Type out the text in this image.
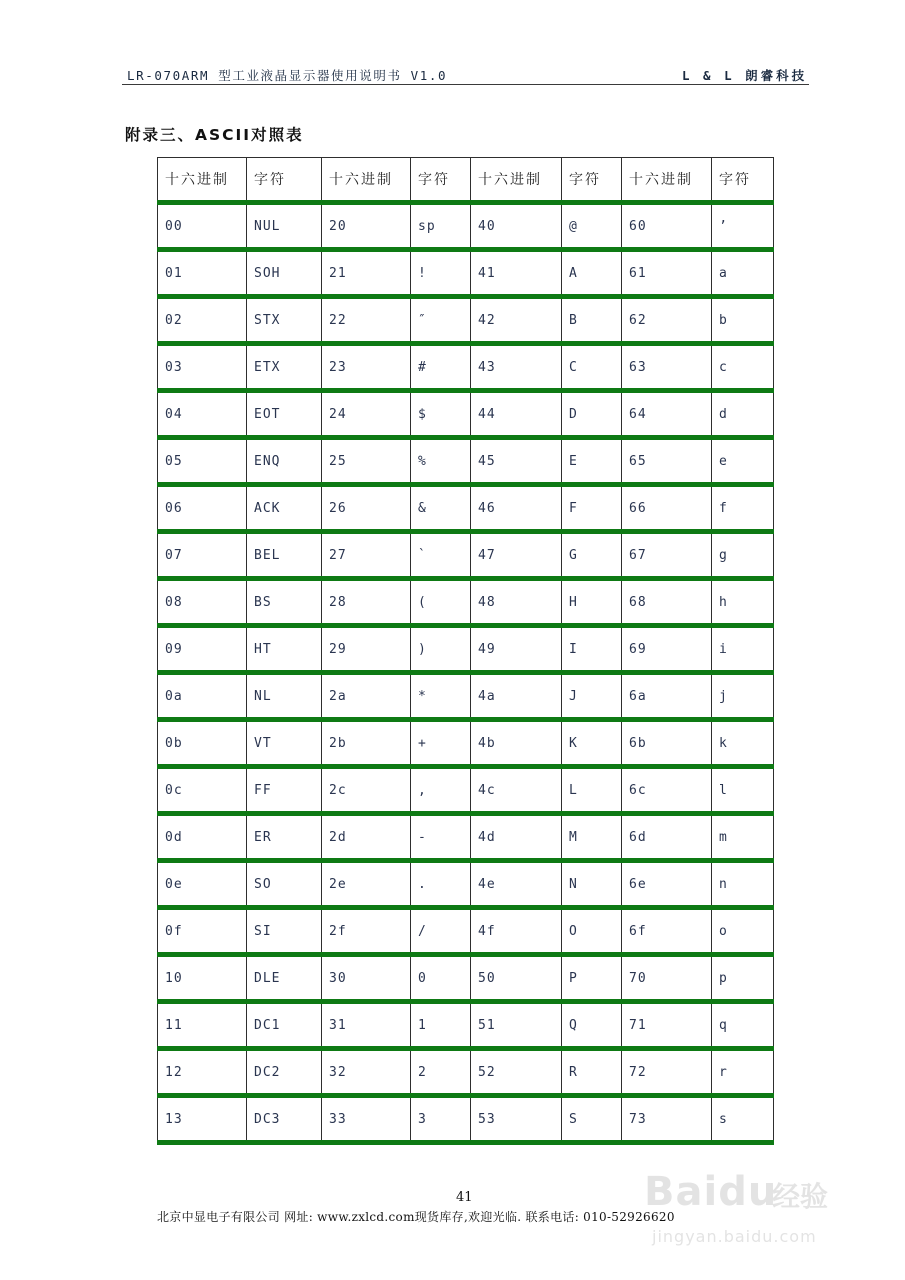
LR-070ARM 型工业液晶显示器使用说明书 V1.0	L & L 朗睿科技
附录三、ASCII对照表
十六进制	字符	十六进制	字符	十六进制	字符	十六进制	字符
00	NUL	20	sp	40	@	60	’
01	SOH	21	!	41	A	61	a
02	STX	22	″	42	B	62	b
03	ETX	23	#	43	C	63	c
04	EOT	24	$	44	D	64	d
05	ENQ	25	%	45	E	65	e
06	ACK	26	&	46	F	66	f
07	BEL	27	`	47	G	67	g
08	BS	28	(	48	H	68	h
09	HT	29	)	49	I	69	i
0a	NL	2a	*	4a	J	6a	j
0b	VT	2b	+	4b	K	6b	k
0c	FF	2c	,	4c	L	6c	l
0d	ER	2d	-	4d	M	6d	m
0e	SO	2e	.	4e	N	6e	n
0f	SI	2f	/	4f	O	6f	o
10	DLE	30	0	50	P	70	p
11	DC1	31	1	51	Q	71	q
12	DC2	32	2	52	R	72	r
13	DC3	33	3	53	S	73	s
41
北京中显电子有限公司 网址: www.zxlcd.com现货库存,欢迎光临. 联系电话: 010-52926620
Baidu
经验
jingyan.baidu.com
